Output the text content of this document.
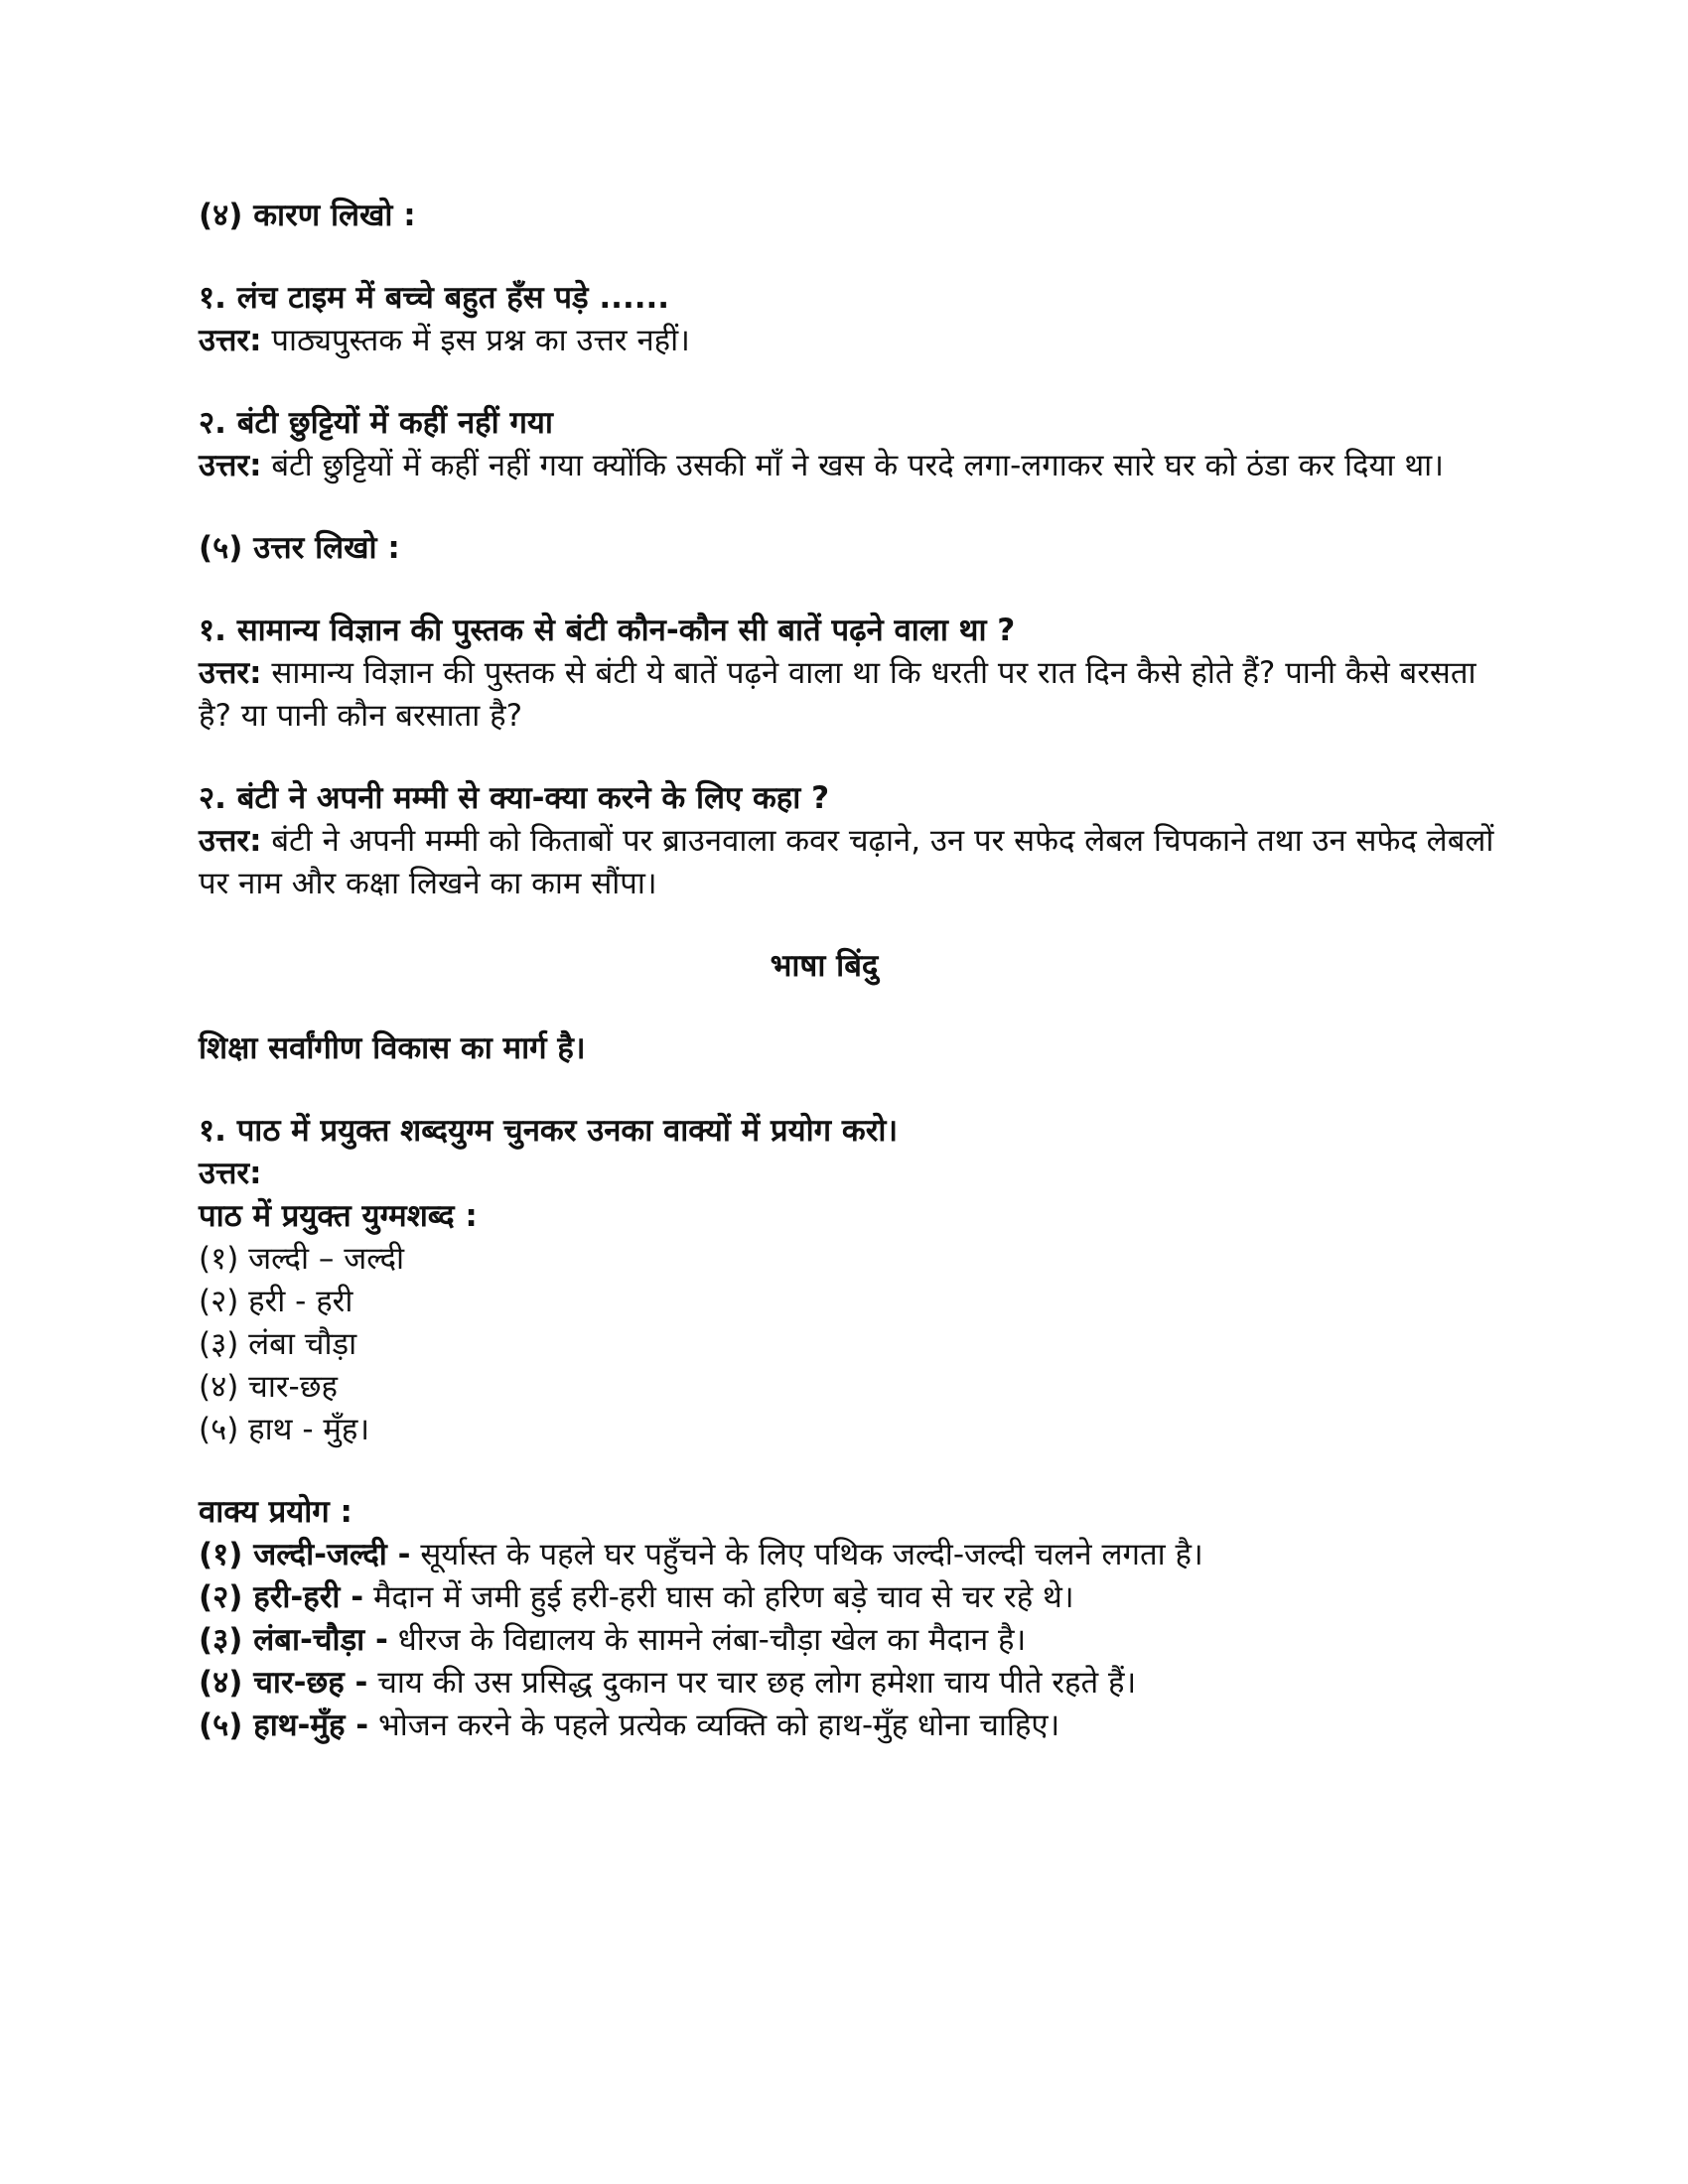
(४) कारण लिखो :
१. लंच टाइम में बच्चे बहुत हँस पड़े ......
उत्तर: पाठ्यपुस्तक में इस प्रश्न का उत्तर नहीं।
२. बंटी छुट्टियों में कहीं नहीं गया
उत्तर: बंटी छुट्टियों में कहीं नहीं गया क्योंकि उसकी माँ ने खस के परदे लगा-लगाकर सारे घर को ठंडा कर दिया था।
(५) उत्तर लिखो :
१. सामान्य विज्ञान की पुस्तक से बंटी कौन-कौन सी बातें पढ़ने वाला था ?
उत्तर: सामान्य विज्ञान की पुस्तक से बंटी ये बातें पढ़ने वाला था कि धरती पर रात दिन कैसे होते हैं? पानी कैसे बरसता है? या पानी कौन बरसाता है?
२. बंटी ने अपनी मम्मी से क्या-क्या करने के लिए कहा ?
उत्तर: बंटी ने अपनी मम्मी को किताबों पर ब्राउनवाला कवर चढ़ाने, उन पर सफेद लेबल चिपकाने तथा उन सफेद लेबलों पर नाम और कक्षा लिखने का काम सौंपा।
भाषा बिंदु
शिक्षा सर्वांगीण विकास का मार्ग है।
१. पाठ में प्रयुक्त शब्दयुग्म चुनकर उनका वाक्यों में प्रयोग करो।
उत्तर:
पाठ में प्रयुक्त युग्मशब्द :
(१) जल्दी – जल्दी
(२) हरी - हरी
(३) लंबा चौड़ा
(४) चार-छह
(५) हाथ - मुँह।
वाक्य प्रयोग :
(१) जल्दी-जल्दी - सूर्यास्त के पहले घर पहुँचने के लिए पथिक जल्दी-जल्दी चलने लगता है।
(२) हरी-हरी - मैदान में जमी हुई हरी-हरी घास को हरिण बड़े चाव से चर रहे थे।
(३) लंबा-चौड़ा - धीरज के विद्यालय के सामने लंबा-चौड़ा खेल का मैदान है।
(४) चार-छह - चाय की उस प्रसिद्ध दुकान पर चार छह लोग हमेशा चाय पीते रहते हैं।
(५) हाथ-मुँह - भोजन करने के पहले प्रत्येक व्यक्ति को हाथ-मुँह धोना चाहिए।
